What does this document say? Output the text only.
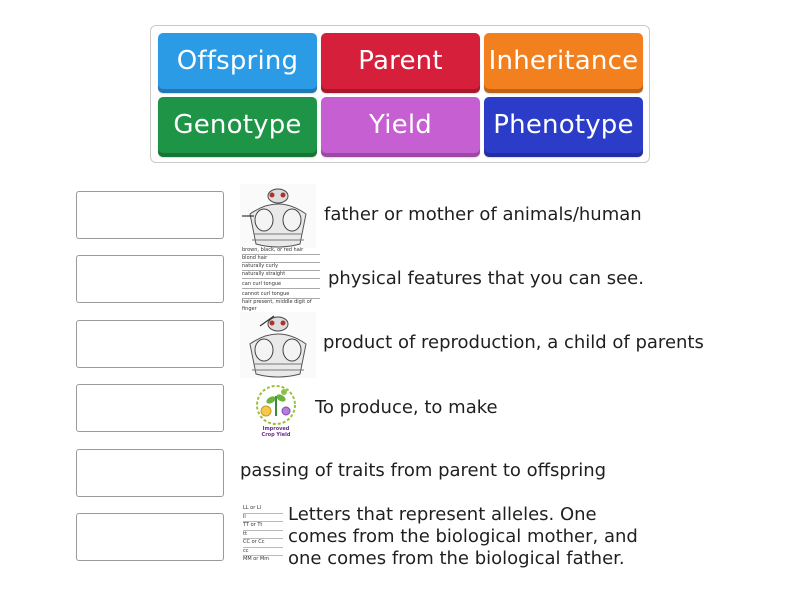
Offspring	Parent	Inheritance
Genotype	Yield	Phenotype
father or mother of animals/human
brown, black, or red hair
blond hair
naturally curly
naturally straight
can curl tongue
cannot curl tongue
hair present, middle digit of finger
physical features that you can see.
product of reproduction, a child of parents
Improved
Crop Yield
To produce, to make
passing of traits from parent to offspring
LL or Ll
ll
TT or Tt
tt
CC or Cc
cc
MM or Mm
Letters that represent alleles. One comes from the biological mother, and one comes from the biological father.
